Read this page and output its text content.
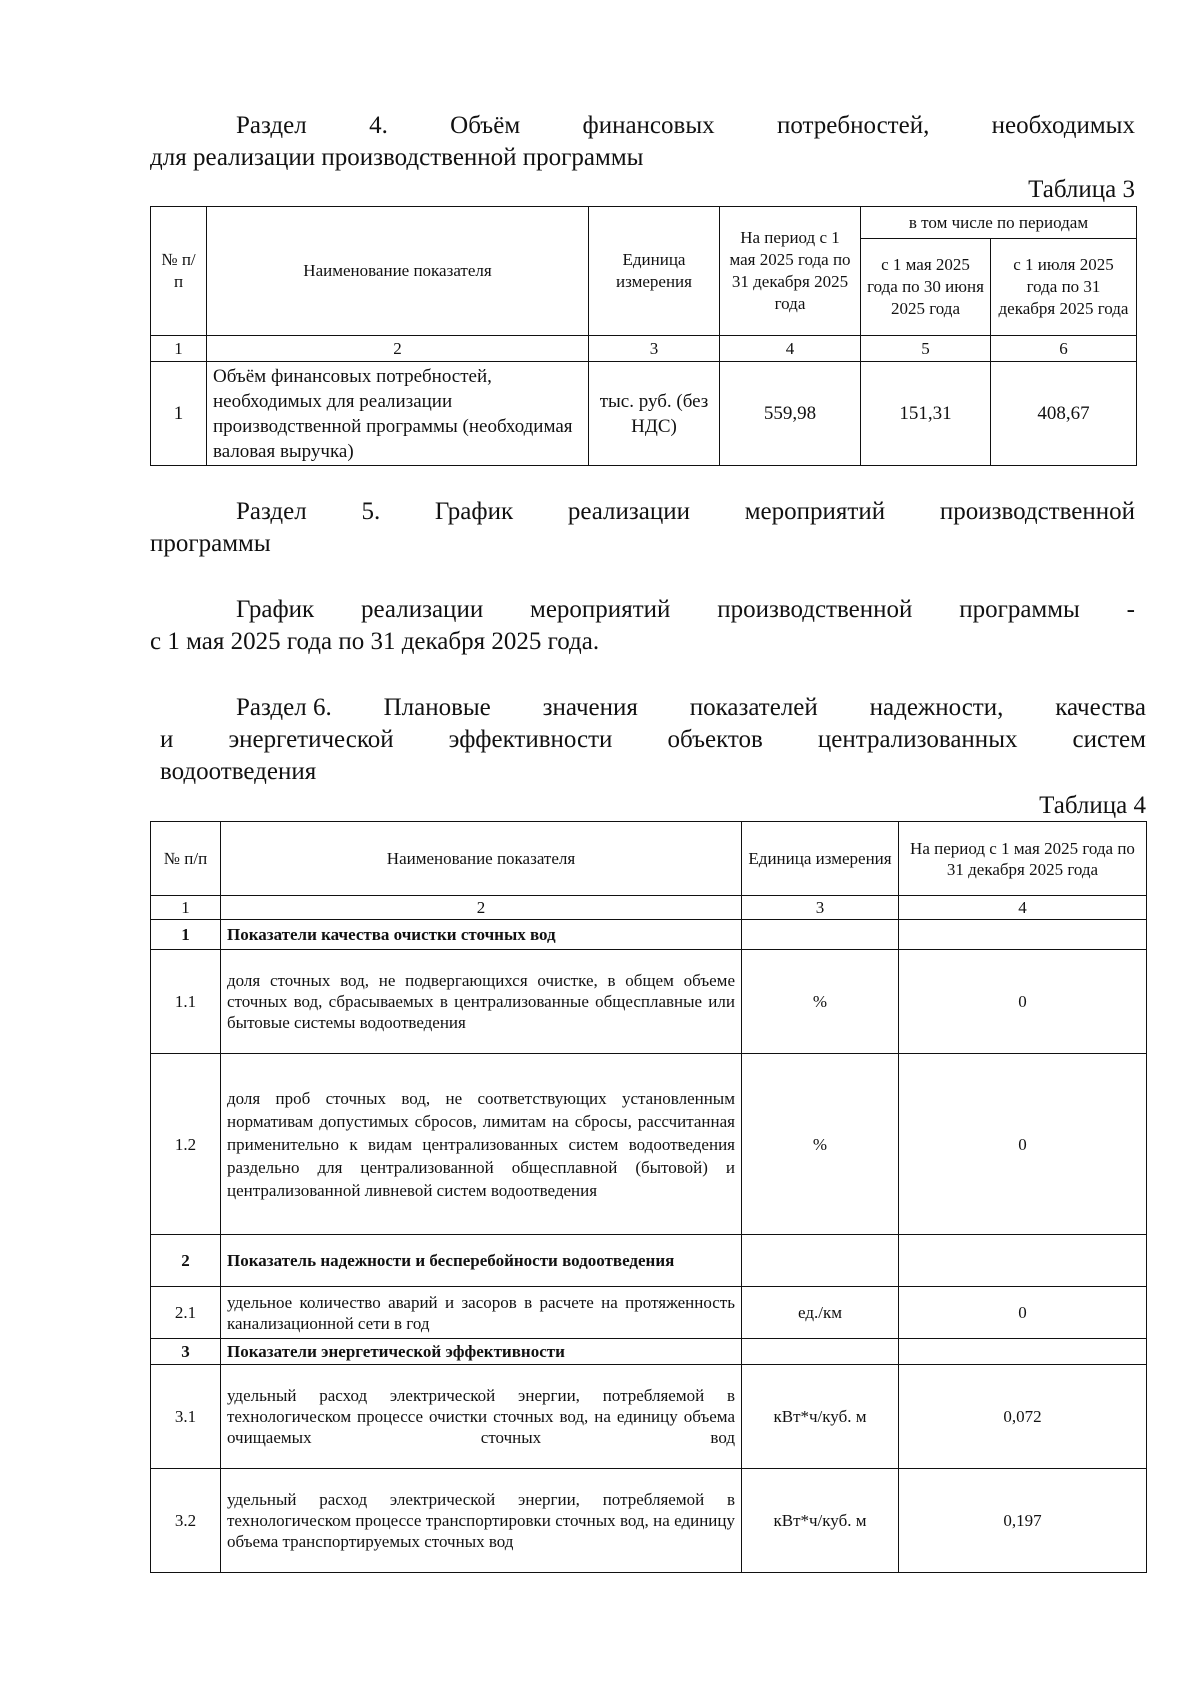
Раздел 4. Объём финансовых потребностей, необходимых
для реализации производственной программы
Таблица 3
№ п/п	Наименование показателя	Единица измерения	На период с 1 мая 2025 года по 31 декабря 2025 года	в том числе по периодам	
				с 1 мая 2025 года по 30 июня 2025 года	с 1 июля 2025 года по 31 декабря 2025 года
1	2	3	4	5	6
1	Объём финансовых потребностей, необходимых для реализации производственной программы (необходимая валовая выручка)	тыс. руб. (без НДС)	559,98	151,31	408,67
Раздел 5. График реализации мероприятий производственной
программы
График реализации мероприятий производственной программы -
с 1 мая 2025 года по 31 декабря 2025 года.
Раздел 6. Плановые значения показателей надежности, качества
и энергетической эффективности объектов централизованных систем
водоотведения
Таблица 4
№ п/п	Наименование показателя	Единица измерения	На период с 1 мая 2025 года по 31 декабря 2025 года
1	2	3	4
1	Показатели качества очистки сточных вод		
1.1	доля сточных вод, не подвергающихся очистке, в общем объеме сточных вод, сбрасываемых в централизованные общесплавные или бытовые системы водоотведения	%	0
1.2	доля проб сточных вод, не соответствующих установленным нормативам допустимых сбросов, лимитам на сбросы, рассчитанная применительно к видам централизованных систем водоотведения раздельно для централизованной общесплавной (бытовой) и централизованной ливневой систем водоотведения	%	0
2	Показатель надежности и бесперебойности водоотведения		
2.1	удельное количество аварий и засоров в расчете на протяженность канализационной сети в год	ед./км	0
3	Показатели энергетической эффективности		
3.1	удельный расход электрической энергии, потребляемой в технологическом процессе очистки сточных вод, на единицу объема очищаемых сточных вод	кВт*ч/куб. м	0,072
3.2	удельный расход электрической энергии, потребляемой в технологическом процессе транспортировки сточных вод, на единицу объема транспортируемых сточных вод	кВт*ч/куб. м	0,197
